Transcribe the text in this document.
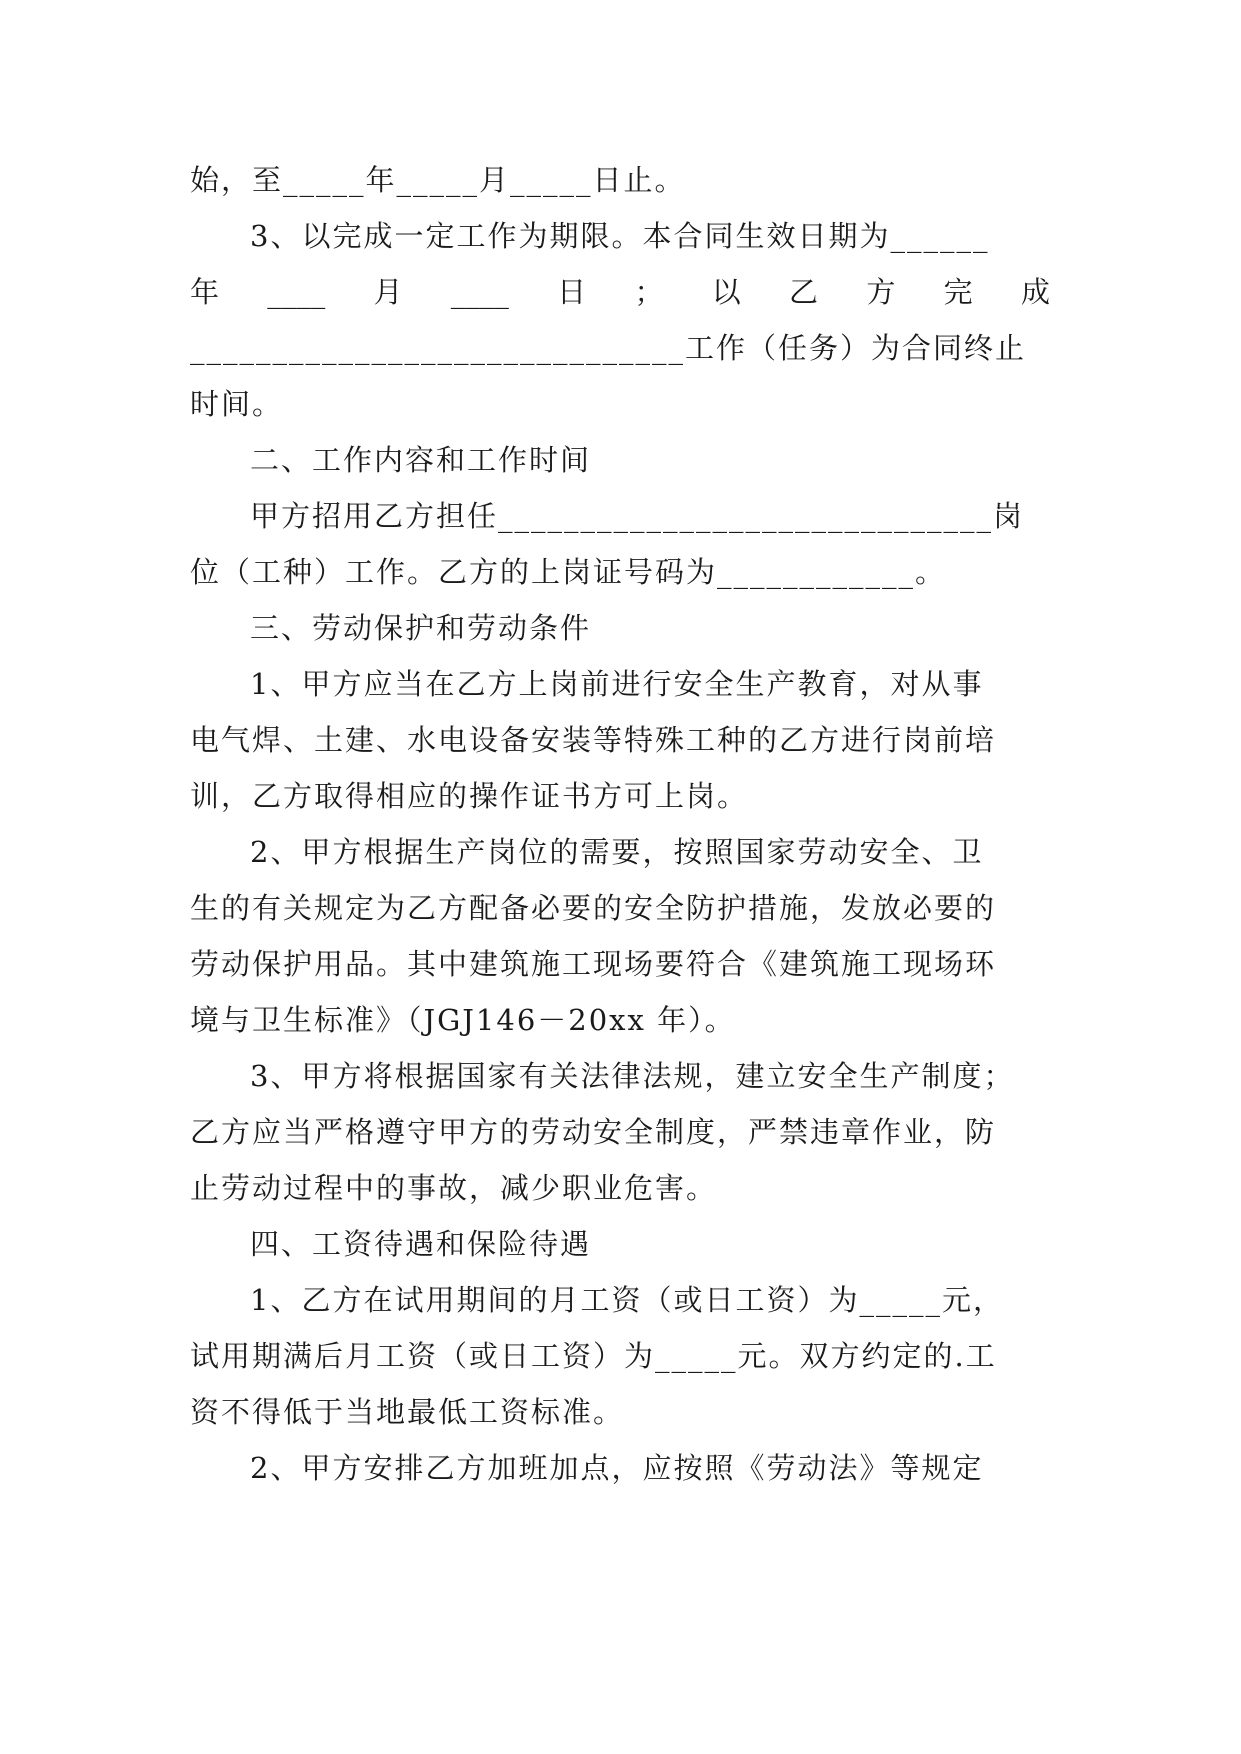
始，至_____年_____月_____日止。
3、以完成一定工作为期限。本合同生效日期为______
年 ____ 月 ____ 日 ； 以 乙 方 完 成
______________________________工作（任务）为合同终止
时间。
二、工作内容和工作时间
甲方招用乙方担任______________________________岗
位（工种）工作。乙方的上岗证号码为____________。
三、劳动保护和劳动条件
1、甲方应当在乙方上岗前进行安全生产教育，对从事
电气焊、土建、水电设备安装等特殊工种的乙方进行岗前培
训，乙方取得相应的操作证书方可上岗。
2、甲方根据生产岗位的需要，按照国家劳动安全、卫
生的有关规定为乙方配备必要的安全防护措施，发放必要的
劳动保护用品。其中建筑施工现场要符合《建筑施工现场环
境与卫生标准》（JGJ146－20xx 年）。
3、甲方将根据国家有关法律法规，建立安全生产制度；
乙方应当严格遵守甲方的劳动安全制度，严禁违章作业，防
止劳动过程中的事故，减少职业危害。
四、工资待遇和保险待遇
1、乙方在试用期间的月工资（或日工资）为_____元，
试用期满后月工资（或日工资）为_____元。双方约定的.工
资不得低于当地最低工资标准。
2、甲方安排乙方加班加点，应按照《劳动法》等规定
